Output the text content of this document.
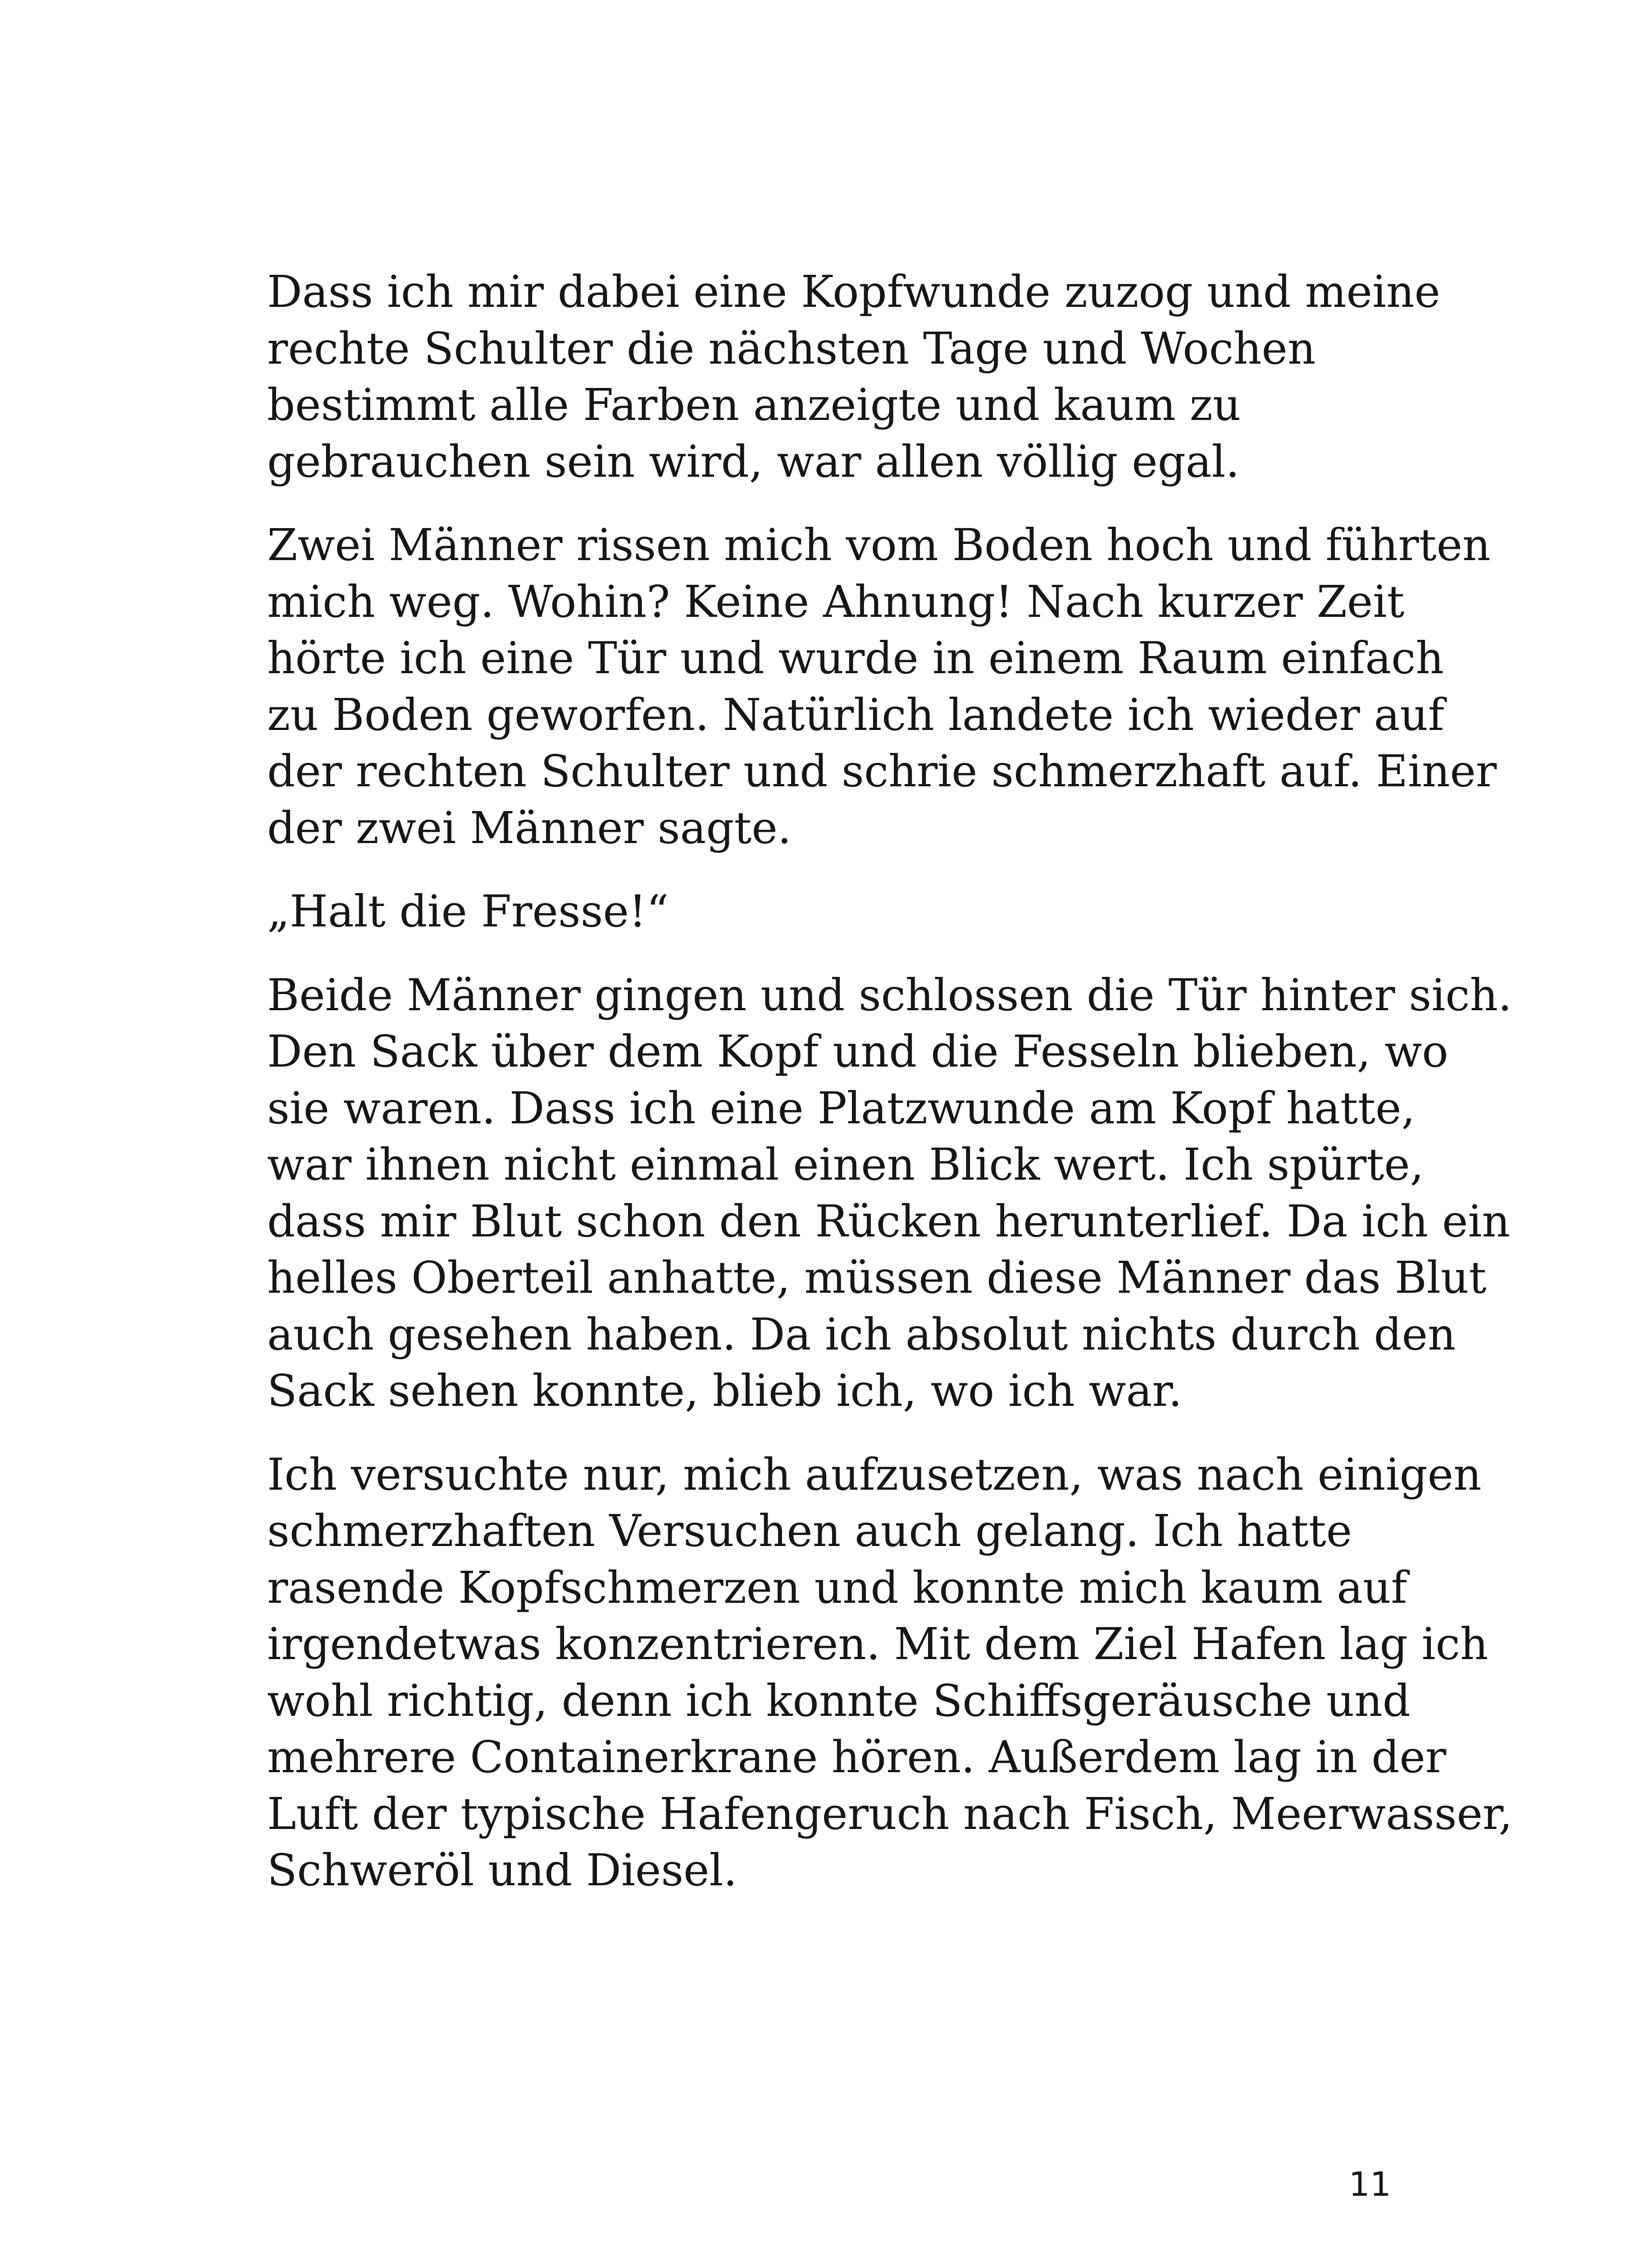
Dass ich mir dabei eine Kopfwunde zuzog und meine
rechte Schulter die nächsten Tage und Wochen
bestimmt alle Farben anzeigte und kaum zu
gebrauchen sein wird, war allen völlig egal.

Zwei Männer rissen mich vom Boden hoch und führten
mich weg. Wohin? Keine Ahnung! Nach kurzer Zeit
hörte ich eine Tür und wurde in einem Raum einfach
zu Boden geworfen. Natürlich landete ich wieder auf
der rechten Schulter und schrie schmerzhaft auf. Einer
der zwei Männer sagte.

„Halt die Fresse!“

Beide Männer gingen und schlossen die Tür hinter sich.
Den Sack über dem Kopf und die Fesseln blieben, wo
sie waren. Dass ich eine Platzwunde am Kopf hatte,
war ihnen nicht einmal einen Blick wert. Ich spürte,
dass mir Blut schon den Rücken herunterlief. Da ich ein
helles Oberteil anhatte, müssen diese Männer das Blut
auch gesehen haben. Da ich absolut nichts durch den
Sack sehen konnte, blieb ich, wo ich war.

Ich versuchte nur, mich aufzusetzen, was nach einigen
schmerzhaften Versuchen auch gelang. Ich hatte
rasende Kopfschmerzen und konnte mich kaum auf
irgendetwas konzentrieren. Mit dem Ziel Hafen lag ich
wohl richtig, denn ich konnte Schiffsgeräusche und
mehrere Containerkrane hören. Außerdem lag in der
Luft der typische Hafengeruch nach Fisch, Meerwasser,
Schweröl und Diesel.

11
